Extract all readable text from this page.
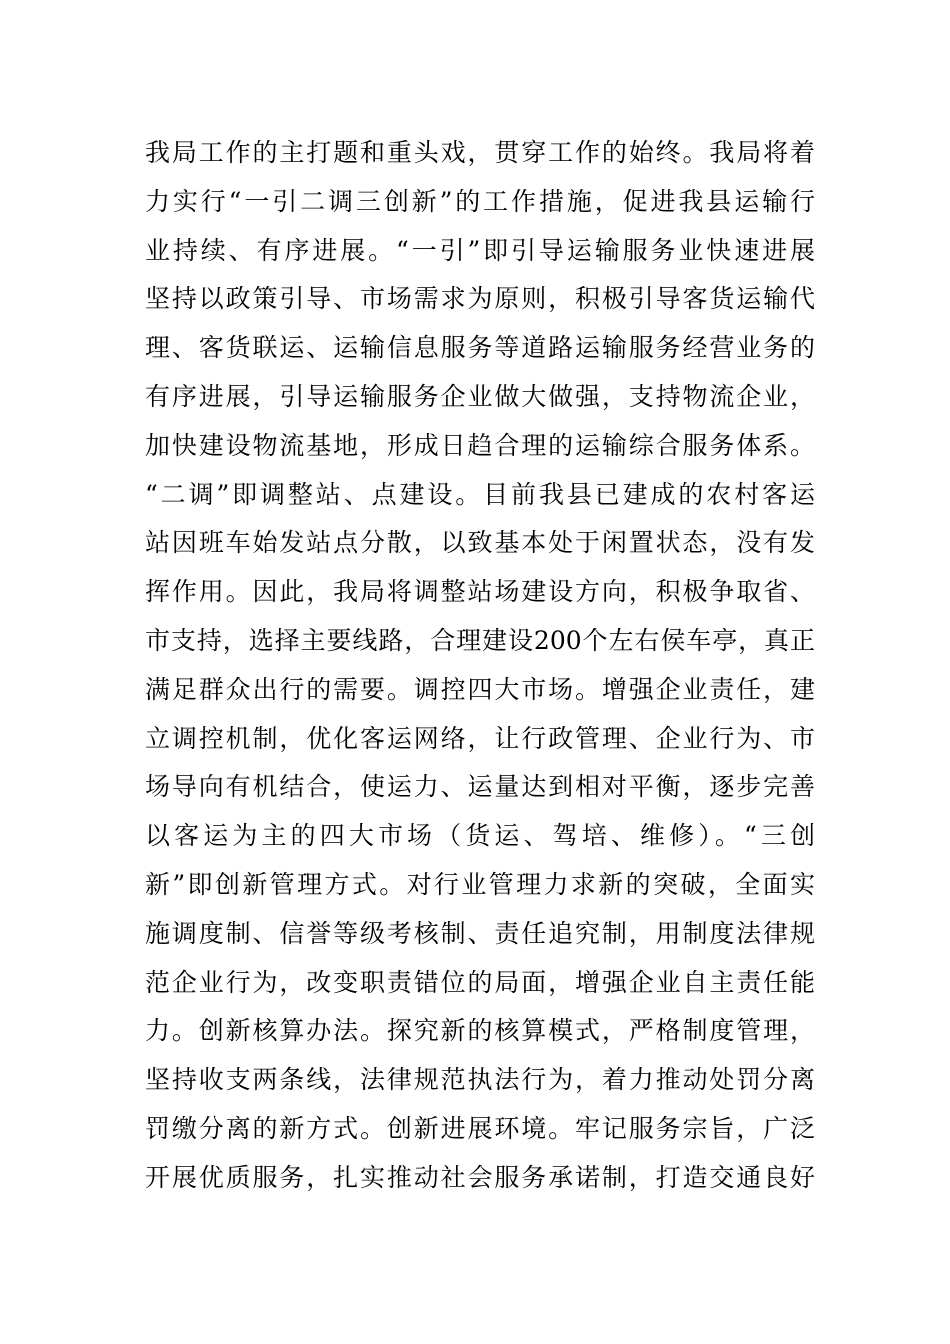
我局工作的主打题和重头戏，贯穿工作的始终。我局将着
力实行“一引二调三创新”的工作措施，促进我县运输行
业持续、有序进展。“一引”即引导运输服务业快速进展
坚持以政策引导、市场需求为原则，积极引导客货运输代
理、客货联运、运输信息服务等道路运输服务经营业务的
有序进展，引导运输服务企业做大做强，支持物流企业，
加快建设物流基地，形成日趋合理的运输综合服务体系。
“二调”即调整站、点建设。目前我县已建成的农村客运
站因班车始发站点分散，以致基本处于闲置状态，没有发
挥作用。因此，我局将调整站场建设方向，积极争取省、
市支持，选择主要线路，合理建设200个左右侯车亭，真正
满足群众出行的需要。调控四大市场。增强企业责任，建
立调控机制，优化客运网络，让行政管理、企业行为、市
场导向有机结合，使运力、运量达到相对平衡，逐步完善
以客运为主的四大市场（货运、驾培、维修）。“三创
新”即创新管理方式。对行业管理力求新的突破，全面实
施调度制、信誉等级考核制、责任追究制，用制度法律规
范企业行为，改变职责错位的局面，增强企业自主责任能
力。创新核算办法。探究新的核算模式，严格制度管理，
坚持收支两条线，法律规范执法行为，着力推动处罚分离
罚缴分离的新方式。创新进展环境。牢记服务宗旨，广泛
开展优质服务，扎实推动社会服务承诺制，打造交通良好
